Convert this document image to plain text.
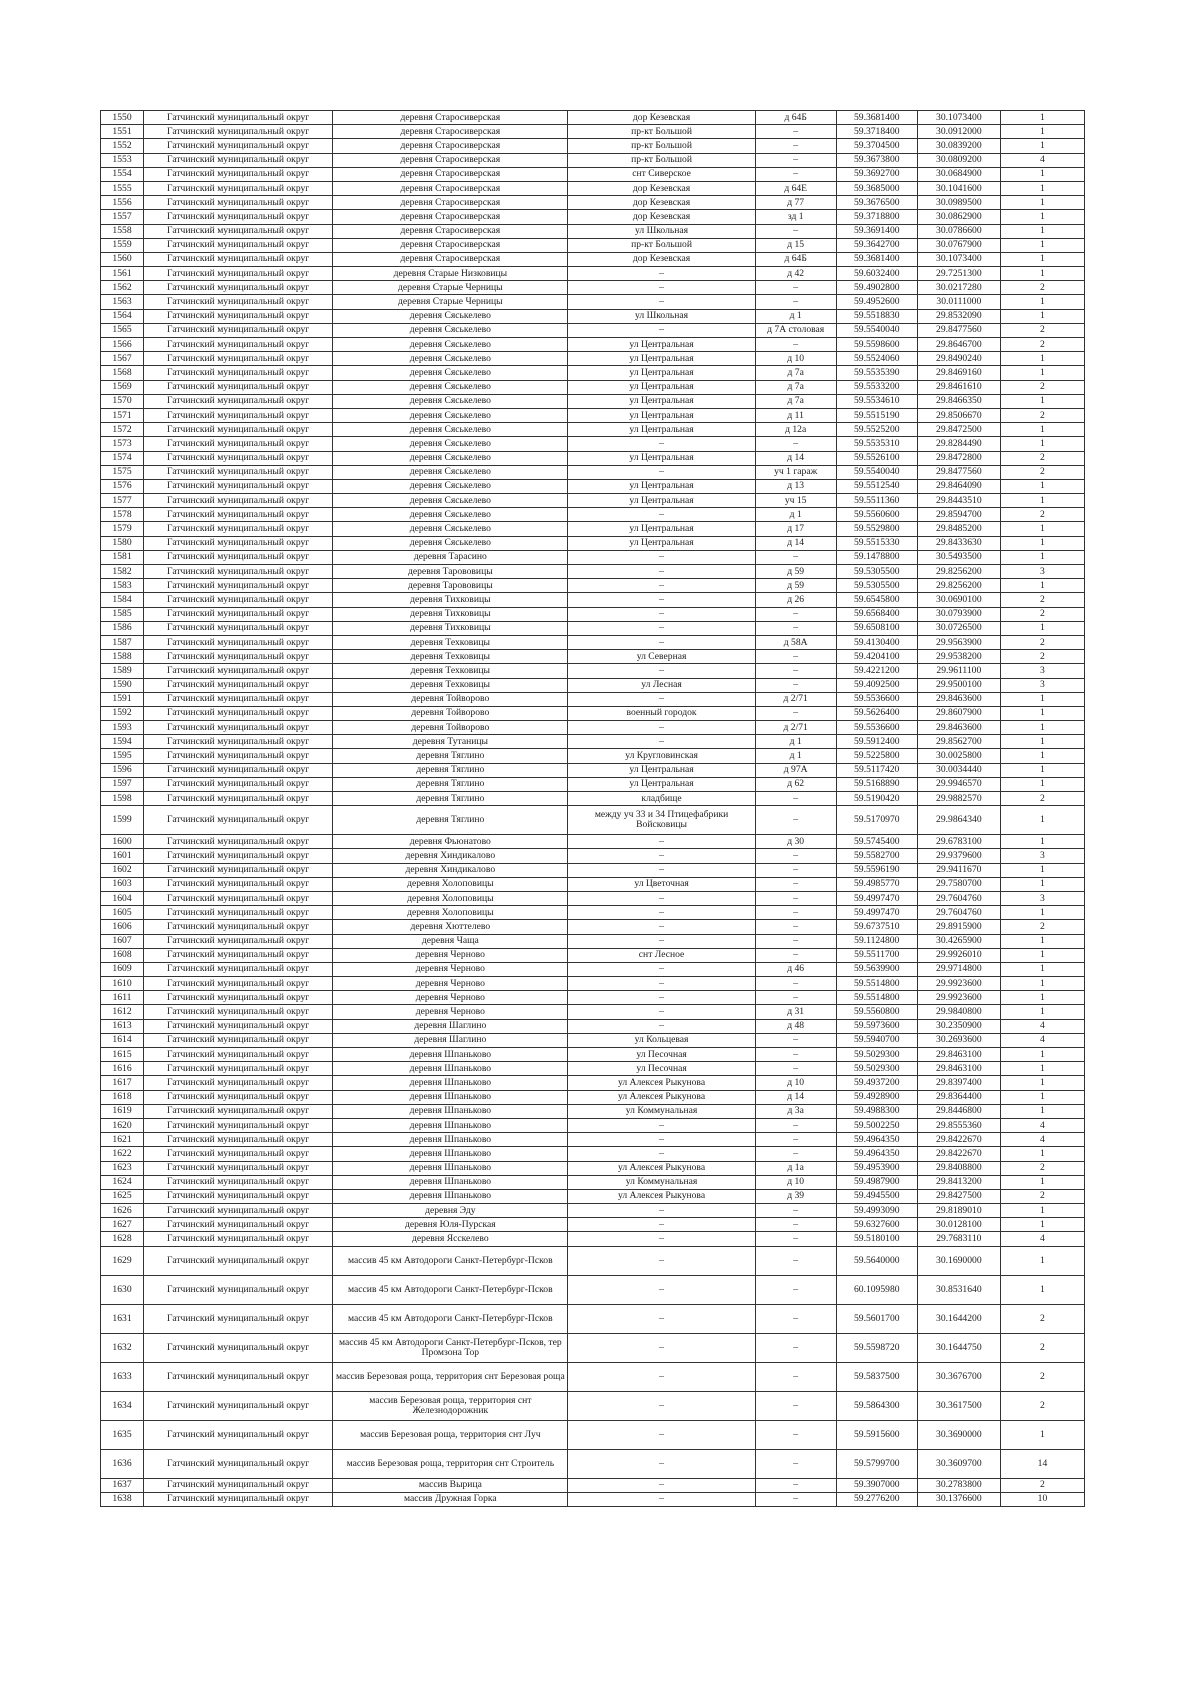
1550	Гатчинский муниципальный округ	деревня Старосиверская	дор Кезевская	д 64Б	59.3681400	30.1073400	1
1551	Гатчинский муниципальный округ	деревня Старосиверская	пр-кт Большой	–	59.3718400	30.0912000	1
1552	Гатчинский муниципальный округ	деревня Старосиверская	пр-кт Большой	–	59.3704500	30.0839200	1
1553	Гатчинский муниципальный округ	деревня Старосиверская	пр-кт Большой	–	59.3673800	30.0809200	4
1554	Гатчинский муниципальный округ	деревня Старосиверская	снт Сиверское	–	59.3692700	30.0684900	1
1555	Гатчинский муниципальный округ	деревня Старосиверская	дор Кезевская	д 64Е	59.3685000	30.1041600	1
1556	Гатчинский муниципальный округ	деревня Старосиверская	дор Кезевская	д 77	59.3676500	30.0989500	1
1557	Гатчинский муниципальный округ	деревня Старосиверская	дор Кезевская	зд 1	59.3718800	30.0862900	1
1558	Гатчинский муниципальный округ	деревня Старосиверская	ул Школьная	–	59.3691400	30.0786600	1
1559	Гатчинский муниципальный округ	деревня Старосиверская	пр-кт Большой	д 15	59.3642700	30.0767900	1
1560	Гатчинский муниципальный округ	деревня Старосиверская	дор Кезевская	д 64Б	59.3681400	30.1073400	1
1561	Гатчинский муниципальный округ	деревня Старые Низковицы	–	д 42	59.6032400	29.7251300	1
1562	Гатчинский муниципальный округ	деревня Старые Черницы	–	–	59.4902800	30.0217280	2
1563	Гатчинский муниципальный округ	деревня Старые Черницы	–	–	59.4952600	30.0111000	1
1564	Гатчинский муниципальный округ	деревня Сяськелево	ул Школьная	д 1	59.5518830	29.8532090	1
1565	Гатчинский муниципальный округ	деревня Сяськелево	–	д 7А столовая	59.5540040	29.8477560	2
1566	Гатчинский муниципальный округ	деревня Сяськелево	ул Центральная	–	59.5598600	29.8646700	2
1567	Гатчинский муниципальный округ	деревня Сяськелево	ул Центральная	д 10	59.5524060	29.8490240	1
1568	Гатчинский муниципальный округ	деревня Сяськелево	ул Центральная	д 7а	59.5535390	29.8469160	1
1569	Гатчинский муниципальный округ	деревня Сяськелево	ул Центральная	д 7а	59.5533200	29.8461610	2
1570	Гатчинский муниципальный округ	деревня Сяськелево	ул Центральная	д 7а	59.5534610	29.8466350	1
1571	Гатчинский муниципальный округ	деревня Сяськелево	ул Центральная	д 11	59.5515190	29.8506670	2
1572	Гатчинский муниципальный округ	деревня Сяськелево	ул Центральная	д 12а	59.5525200	29.8472500	1
1573	Гатчинский муниципальный округ	деревня Сяськелево	–	–	59.5535310	29.8284490	1
1574	Гатчинский муниципальный округ	деревня Сяськелево	ул Центральная	д 14	59.5526100	29.8472800	2
1575	Гатчинский муниципальный округ	деревня Сяськелево	–	уч 1 гараж	59.5540040	29.8477560	2
1576	Гатчинский муниципальный округ	деревня Сяськелево	ул Центральная	д 13	59.5512540	29.8464090	1
1577	Гатчинский муниципальный округ	деревня Сяськелево	ул Центральная	уч 15	59.5511360	29.8443510	1
1578	Гатчинский муниципальный округ	деревня Сяськелево	–	д 1	59.5560600	29.8594700	2
1579	Гатчинский муниципальный округ	деревня Сяськелево	ул Центральная	д 17	59.5529800	29.8485200	1
1580	Гатчинский муниципальный округ	деревня Сяськелево	ул Центральная	д 14	59.5515330	29.8433630	1
1581	Гатчинский муниципальный округ	деревня Тарасино	–	–	59.1478800	30.5493500	1
1582	Гатчинский муниципальный округ	деревня Тарововицы	–	д 59	59.5305500	29.8256200	3
1583	Гатчинский муниципальный округ	деревня Тарововицы	–	д 59	59.5305500	29.8256200	1
1584	Гатчинский муниципальный округ	деревня Тихковицы	–	д 26	59.6545800	30.0690100	2
1585	Гатчинский муниципальный округ	деревня Тихковицы	–	–	59.6568400	30.0793900	2
1586	Гатчинский муниципальный округ	деревня Тихковицы	–	–	59.6508100	30.0726500	1
1587	Гатчинский муниципальный округ	деревня Техковицы	–	д 58А	59.4130400	29.9563900	2
1588	Гатчинский муниципальный округ	деревня Техковицы	ул Северная	–	59.4204100	29.9538200	2
1589	Гатчинский муниципальный округ	деревня Техковицы	–	–	59.4221200	29.9611100	3
1590	Гатчинский муниципальный округ	деревня Техковицы	ул Лесная	–	59.4092500	29.9500100	3
1591	Гатчинский муниципальный округ	деревня Тойворово	–	д 2/71	59.5536600	29.8463600	1
1592	Гатчинский муниципальный округ	деревня Тойворово	военный городок	–	59.5626400	29.8607900	1
1593	Гатчинский муниципальный округ	деревня Тойворово	–	д 2/71	59.5536600	29.8463600	1
1594	Гатчинский муниципальный округ	деревня Тутаницы	–	д 1	59.5912400	29.8562700	1
1595	Гатчинский муниципальный округ	деревня Тяглино	ул Кругловинская	д 1	59.5225800	30.0025800	1
1596	Гатчинский муниципальный округ	деревня Тяглино	ул Центральная	д 97А	59.5117420	30.0034440	1
1597	Гатчинский муниципальный округ	деревня Тяглино	ул Центральная	д 62	59.5168890	29.9946570	1
1598	Гатчинский муниципальный округ	деревня Тяглино	кладбище	–	59.5190420	29.9882570	2
1599	Гатчинский муниципальный округ	деревня Тяглино	между уч 33 и 34 Птицефабрики Войсковицы	–	59.5170970	29.9864340	1
1600	Гатчинский муниципальный округ	деревня Фьюнатово	–	д 30	59.5745400	29.6783100	1
1601	Гатчинский муниципальный округ	деревня Хиндикалово	–	–	59.5582700	29.9379600	3
1602	Гатчинский муниципальный округ	деревня Хиндикалово	–	–	59.5596190	29.9411670	1
1603	Гатчинский муниципальный округ	деревня Холоповицы	ул Цветочная	–	59.4985770	29.7580700	1
1604	Гатчинский муниципальный округ	деревня Холоповицы	–	–	59.4997470	29.7604760	3
1605	Гатчинский муниципальный округ	деревня Холоповицы	–	–	59.4997470	29.7604760	1
1606	Гатчинский муниципальный округ	деревня Хюттелево	–	–	59.6737510	29.8915900	2
1607	Гатчинский муниципальный округ	деревня Чаща	–	–	59.1124800	30.4265900	1
1608	Гатчинский муниципальный округ	деревня Черново	снт Лесное	–	59.5511700	29.9926010	1
1609	Гатчинский муниципальный округ	деревня Черново	–	д 46	59.5639900	29.9714800	1
1610	Гатчинский муниципальный округ	деревня Черново	–	–	59.5514800	29.9923600	1
1611	Гатчинский муниципальный округ	деревня Черново	–	–	59.5514800	29.9923600	1
1612	Гатчинский муниципальный округ	деревня Черново	–	д 31	59.5560800	29.9840800	1
1613	Гатчинский муниципальный округ	деревня Шаглино	–	д 48	59.5973600	30.2350900	4
1614	Гатчинский муниципальный округ	деревня Шаглино	ул Кольцевая	–	59.5940700	30.2693600	4
1615	Гатчинский муниципальный округ	деревня Шпаньково	ул Песочная	–	59.5029300	29.8463100	1
1616	Гатчинский муниципальный округ	деревня Шпаньково	ул Песочная	–	59.5029300	29.8463100	1
1617	Гатчинский муниципальный округ	деревня Шпаньково	ул Алексея Рыкунова	д 10	59.4937200	29.8397400	1
1618	Гатчинский муниципальный округ	деревня Шпаньково	ул Алексея Рыкунова	д 14	59.4928900	29.8364400	1
1619	Гатчинский муниципальный округ	деревня Шпаньково	ул Коммунальная	д 3а	59.4988300	29.8446800	1
1620	Гатчинский муниципальный округ	деревня Шпаньково	–	–	59.5002250	29.8555360	4
1621	Гатчинский муниципальный округ	деревня Шпаньково	–	–	59.4964350	29.8422670	4
1622	Гатчинский муниципальный округ	деревня Шпаньково	–	–	59.4964350	29.8422670	1
1623	Гатчинский муниципальный округ	деревня Шпаньково	ул Алексея Рыкунова	д 1а	59.4953900	29.8408800	2
1624	Гатчинский муниципальный округ	деревня Шпаньково	ул Коммунальная	д 10	59.4987900	29.8413200	1
1625	Гатчинский муниципальный округ	деревня Шпаньково	ул Алексея Рыкунова	д 39	59.4945500	29.8427500	2
1626	Гатчинский муниципальный округ	деревня Эду	–	–	59.4993090	29.8189010	1
1627	Гатчинский муниципальный округ	деревня Юля-Пурская	–	–	59.6327600	30.0128100	1
1628	Гатчинский муниципальный округ	деревня Ясскелево	–	–	59.5180100	29.7683110	4
1629	Гатчинский муниципальный округ	массив 45 км Автодороги Санкт-Петербург-Псков	–	–	59.5640000	30.1690000	1
1630	Гатчинский муниципальный округ	массив 45 км Автодороги Санкт-Петербург-Псков	–	–	60.1095980	30.8531640	1
1631	Гатчинский муниципальный округ	массив 45 км Автодороги Санкт-Петербург-Псков	–	–	59.5601700	30.1644200	2
1632	Гатчинский муниципальный округ	массив 45 км Автодороги Санкт-Петербург-Псков, тер Промзона Тор	–	–	59.5598720	30.1644750	2
1633	Гатчинский муниципальный округ	массив Березовая роща, территория снт Березовая роща	–	–	59.5837500	30.3676700	2
1634	Гатчинский муниципальный округ	массив Березовая роща, территория снт Железнодорожник	–	–	59.5864300	30.3617500	2
1635	Гатчинский муниципальный округ	массив Березовая роща, территория снт Луч	–	–	59.5915600	30.3690000	1
1636	Гатчинский муниципальный округ	массив Березовая роща, территория снт Строитель	–	–	59.5799700	30.3609700	14
1637	Гатчинский муниципальный округ	массив Вырица	–	–	59.3907000	30.2783800	2
1638	Гатчинский муниципальный округ	массив Дружная Горка	–	–	59.2776200	30.1376600	10
